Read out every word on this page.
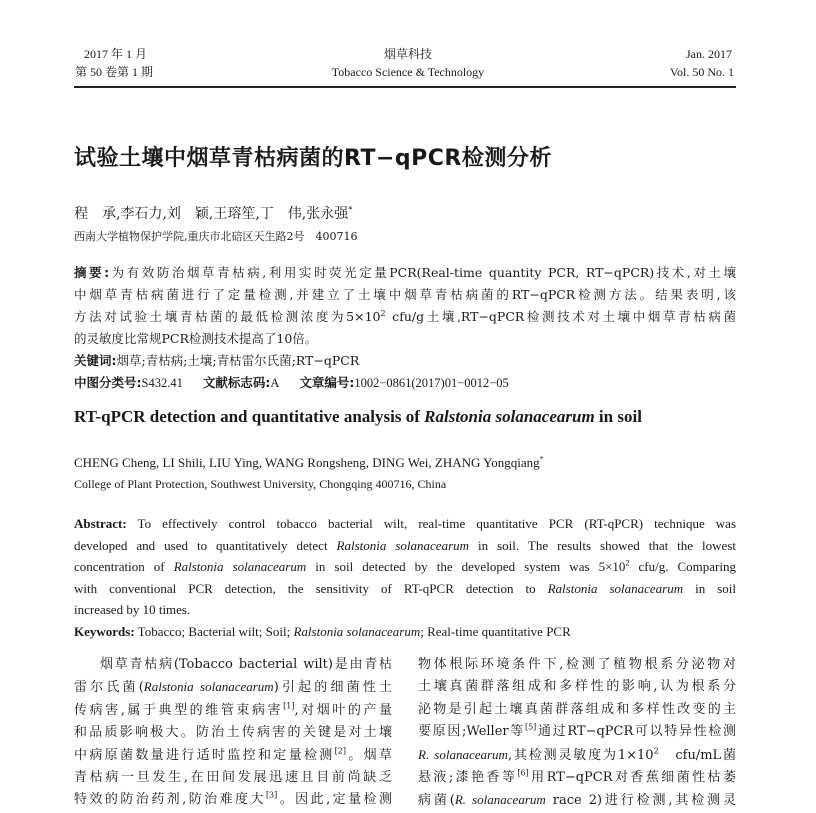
2017 年 1 月
第 50 卷第 1 期
烟草科技
Tobacco Science & Technology
Jan. 2017
Vol. 50 No. 1
试验土壤中烟草青枯病菌的RT−qPCR检测分析
程　承,李石力,刘　颖,王瑢笙,丁　伟,张永强*
西南大学植物保护学院,重庆市北碚区天生路2号　400716
摘要:为有效防治烟草青枯病,利用实时荧光定量PCR(Real-time quantity PCR, RT−qPCR)技术,对土壤
中烟草青枯病菌进行了定量检测,并建立了土壤中烟草青枯病菌的RT−qPCR检测方法。结果表明,该
方法对试验土壤青枯菌的最低检测浓度为$5\times 10^2$ cfu/g土壤,RT−qPCR检测技术对土壤中烟草青枯病菌
的灵敏度比常规PCR检测技术提高了10倍。
关键词:烟草;青枯病;土壤;青枯雷尔氏菌;RT−qPCR
中图分类号:S432.41 文献标志码:A 文章编号:1002−0861(2017)01−0012−05
RT-qPCR detection and quantitative analysis of Ralstonia solanacearum in soil
CHENG Cheng, LI Shili, LIU Ying, WANG Rongsheng, DING Wei, ZHANG Yongqiang*
College of Plant Protection, Southwest University, Chongqing 400716, China
Abstract: To effectively control tobacco bacterial wilt, real-time quantitative PCR (RT-qPCR) technique was
developed and used to quantitatively detect Ralstonia solanacearum in soil. The results showed that the lowest
concentration of Ralstonia solanacearum in soil detected by the developed system was $5\times 10^2$ cfu/g. Comparing
with conventional PCR detection, the sensitivity of RT-qPCR detection to Ralstonia solanacearum in soil
increased by 10 times.
Keywords: Tobacco; Bacterial wilt; Soil; Ralstonia solanacearum; Real-time quantitative PCR
烟草青枯病(Tobacco bacterial wilt)是由青枯
雷尔氏菌(Ralstonia solanacearum)引起的细菌性土
传病害,属于典型的维管束病害[1],对烟叶的产量
和品质影响极大。防治土传病害的关键是对土壤
中病原菌数量进行适时监控和定量检测[2]。烟草
青枯病一旦发生,在田间发展迅速且目前尚缺乏
特效的防治药剂,防治难度大[3]。因此,定量检测
物体根际环境条件下,检测了植物根系分泌物对
土壤真菌群落组成和多样性的影响,认为根系分
泌物是引起土壤真菌群落组成和多样性改变的主
要原因;Weller等[5]通过RT−qPCR可以特异性检测
R. solanacearum,其检测灵敏度为$1\times 10^2$　cfu/mL菌
悬液;漆艳香等[6]用RT−qPCR对香蕉细菌性枯萎
病菌(R. solanacearum race 2)进行检测,其检测灵
